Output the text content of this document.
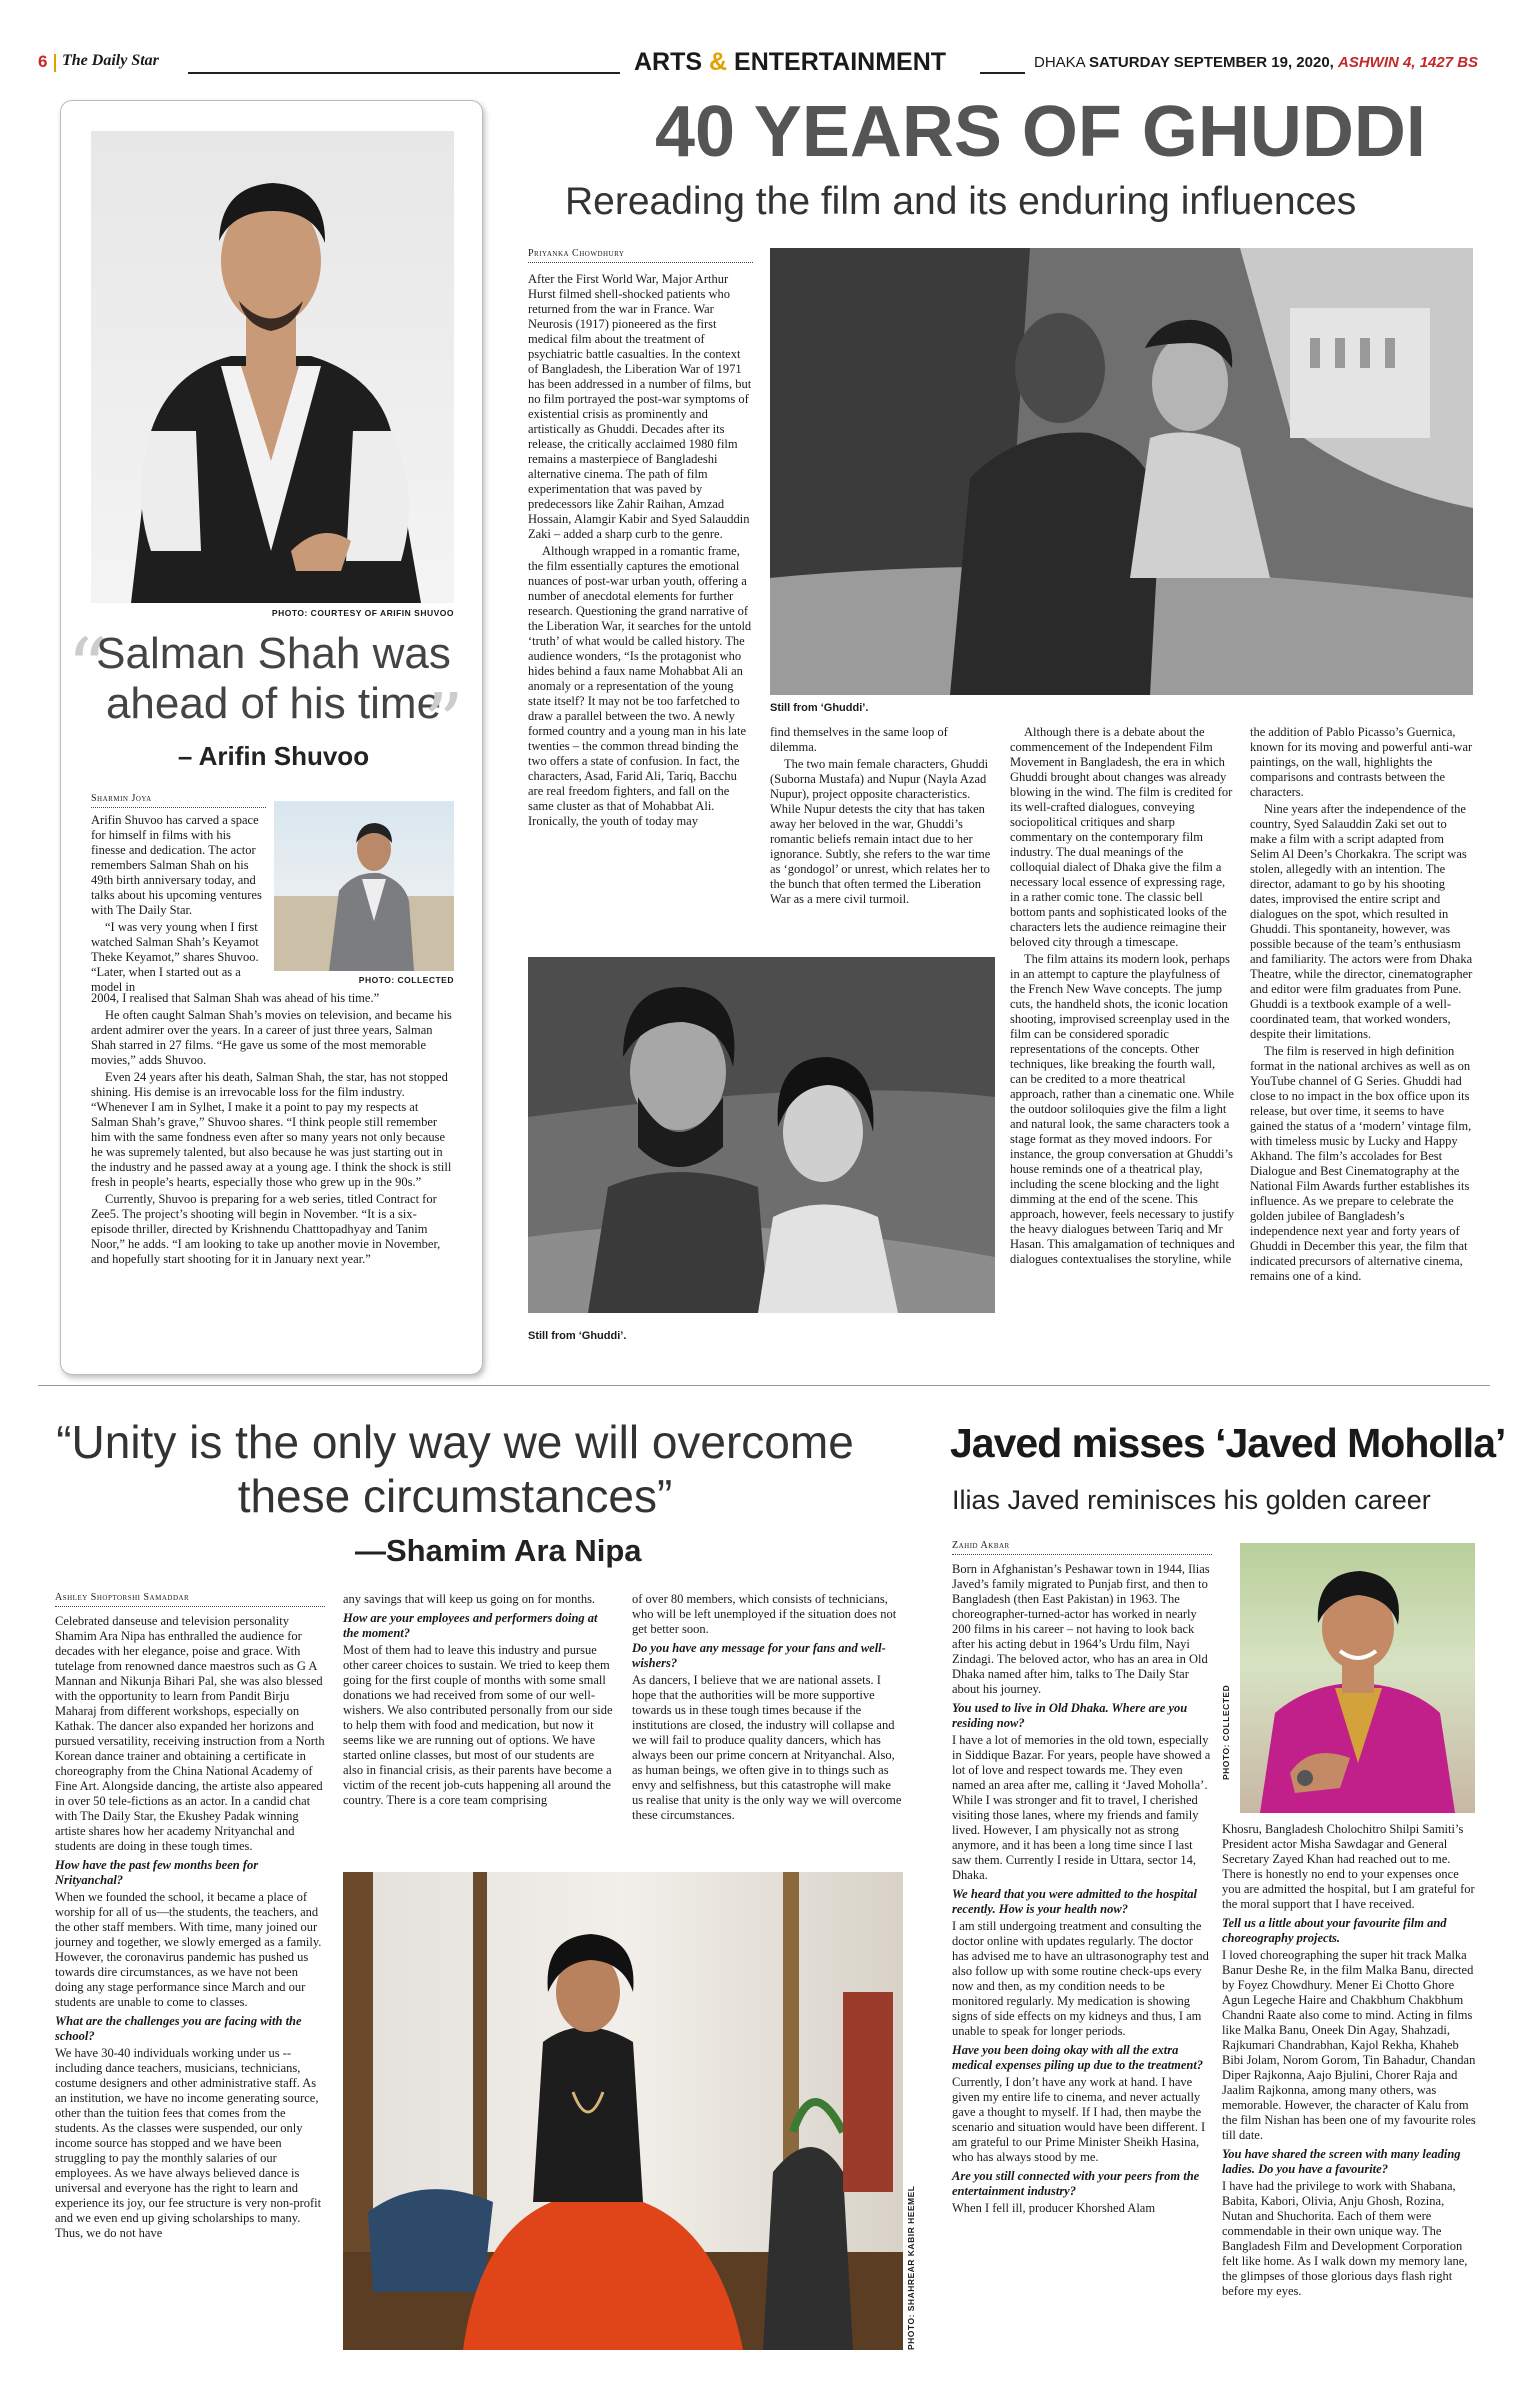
6 The Daily Star	ARTS & ENTERTAINMENT	DHAKA SATURDAY SEPTEMBER 19, 2020, ASHWIN 4, 1427 BS
PHOTO: COURTESY OF ARIFIN SHUVOO
“
Salman Shah was
ahead of his time
”
– Arifin Shuvoo
Sharmin Joya

Arifin Shuvoo has carved a space for himself in films with his finesse and dedication. The actor remembers Salman Shah on his 49th birth anniversary today, and talks about his upcoming ventures with The Daily Star.

“I was very young when I first watched Salman Shah’s Keyamot Theke Keyamot,” shares Shuvoo. “Later, when I started out as a model in	PHOTO: COLLECTED

2004, I realised that Salman Shah was ahead of his time.”

He often caught Salman Shah’s movies on television, and became his ardent admirer over the years. In a career of just three years, Salman Shah starred in 27 films. “He gave us some of the most memorable movies,” adds Shuvoo.

Even 24 years after his death, Salman Shah, the star, has not stopped shining. His demise is an irrevocable loss for the film industry. “Whenever I am in Sylhet, I make it a point to pay my respects at Salman Shah’s grave,” Shuvoo shares. “I think people still remember him with the same fondness even after so many years not only because he was supremely talented, but also because he was just starting out in the industry and he passed away at a young age. I think the shock is still fresh in people’s hearts, especially those who grew up in the 90s.”

Currently, Shuvoo is preparing for a web series, titled Contract for Zee5. The project’s shooting will begin in November. “It is a six-episode thriller, directed by Krishnendu Chatttopadhyay and Tanim Noor,” he adds. “I am looking to take up another movie in November, and hopefully start shooting for it in January next year.”

40 YEARS OF GHUDDI
Rereading the film and its enduring influences
Priyanka Chowdhury

After the First World War, Major Arthur Hurst filmed shell-shocked patients who returned from the war in France. War Neurosis (1917) pioneered as the first medical film about the treatment of psychiatric battle casualties. In the context of Bangladesh, the Liberation War of 1971 has been addressed in a number of films, but no film portrayed the post-war symptoms of existential crisis as prominently and artistically as Ghuddi. Decades after its release, the critically acclaimed 1980 film remains a masterpiece of Bangladeshi alternative cinema. The path of film experimentation that was paved by predecessors like Zahir Raihan, Amzad Hossain, Alamgir Kabir and Syed Salauddin Zaki – added a sharp curb to the genre.

Although wrapped in a romantic frame, the film essentially captures the emotional nuances of post-war urban youth, offering a number of anecdotal elements for further research. Questioning the grand narrative of the Liberation War, it searches for the untold ‘truth’ of what would be called history. The audience wonders, “Is the protagonist who hides behind a faux name Mohabbat Ali an anomaly or a representation of the young state itself? It may not be too farfetched to draw a parallel between the two. A newly formed country and a young man in his late twenties – the common thread binding the two offers a state of confusion. In fact, the characters, Asad, Farid Ali, Tariq, Bacchu are real freedom fighters, and fall on the same cluster as that of Mohabbat Ali. Ironically, the youth of today may

Still from ‘Ghuddi’.

find themselves in the same loop of dilemma.

The two main female characters, Ghuddi (Suborna Mustafa) and Nupur (Nayla Azad Nupur), project opposite characteristics. While Nupur detests the city that has taken away her beloved in the war, Ghuddi’s romantic beliefs remain intact due to her ignorance. Subtly, she refers to the war time as ‘gondogol’ or unrest, which relates her to the bunch that often termed the Liberation War as a mere civil turmoil.

Although there is a debate about the commencement of the Independent Film Movement in Bangladesh, the era in which Ghuddi brought about changes was already blowing in the wind. The film is credited for its well-crafted dialogues, conveying sociopolitical critiques and sharp commentary on the contemporary film industry. The dual meanings of the colloquial dialect of Dhaka give the film a necessary local essence of expressing rage, in a rather comic tone. The classic bell bottom pants and sophisticated looks of the characters lets the audience reimagine their beloved city through a timescape.

The film attains its modern look, perhaps in an attempt to capture the playfulness of the French New Wave concepts. The jump cuts, the handheld shots, the iconic location shooting, improvised screenplay used in the film can be considered sporadic representations of the concepts. Other techniques, like breaking the fourth wall, can be credited to a more theatrical approach, rather than a cinematic one. While the outdoor soliloquies give the film a light and natural look, the same characters took a stage format as they moved indoors. For instance, the group conversation at Ghuddi’s house reminds one of a theatrical play, including the scene blocking and the light dimming at the end of the scene. This approach, however, feels necessary to justify the heavy dialogues between Tariq and Mr Hasan. This amalgamation of techniques and dialogues contextualises the storyline, while

the addition of Pablo Picasso’s Guernica, known for its moving and powerful anti-war paintings, on the wall, highlights the comparisons and contrasts between the characters.

Nine years after the independence of the country, Syed Salauddin Zaki set out to make a film with a script adapted from Selim Al Deen’s Chorkakra. The script was stolen, allegedly with an intention. The director, adamant to go by his shooting dates, improvised the entire script and dialogues on the spot, which resulted in Ghuddi. This spontaneity, however, was possible because of the team’s enthusiasm and familiarity. The actors were from Dhaka Theatre, while the director, cinematographer and editor were film graduates from Pune. Ghuddi is a textbook example of a well-coordinated team, that worked wonders, despite their limitations.

The film is reserved in high definition format in the national archives as well as on YouTube channel of G Series. Ghuddi had close to no impact in the box office upon its release, but over time, it seems to have gained the status of a ‘modern’ vintage film, with timeless music by Lucky and Happy Akhand. The film’s accolades for Best Dialogue and Best Cinematography at the National Film Awards further establishes its influence. As we prepare to celebrate the golden jubilee of Bangladesh’s independence next year and forty years of Ghuddi in December this year, the film that indicated precursors of alternative cinema, remains one of a kind.

Still from ‘Ghuddi’.
“Unity is the only way we will overcome
these circumstances”
—Shamim Ara Nipa
Ashley Shoptorshi Samaddar

Celebrated danseuse and television personality Shamim Ara Nipa has enthralled the audience for decades with her elegance, poise and grace. With tutelage from renowned dance maestros such as G A Mannan and Nikunja Bihari Pal, she was also blessed with the opportunity to learn from Pandit Birju Maharaj from different workshops, especially on Kathak. The dancer also expanded her horizons and pursued versatility, receiving instruction from a North Korean dance trainer and obtaining a certificate in choreography from the China National Academy of Fine Art. Alongside dancing, the artiste also appeared in over 50 tele-fictions as an actor. In a candid chat with The Daily Star, the Ekushey Padak winning artiste shares how her academy Nrityanchal and students are doing in these tough times.

How have the past few months been for Nrityanchal?

When we founded the school, it became a place of worship for all of us—the students, the teachers, and the other staff members. With time, many joined our journey and together, we slowly emerged as a family. However, the coronavirus pandemic has pushed us towards dire circumstances, as we have not been doing any stage performance since March and our students are unable to come to classes.

What are the challenges you are facing with the school?

We have 30-40 individuals working under us -- including dance teachers, musicians, technicians, costume designers and other administrative staff. As an institution, we have no income generating source, other than the tuition fees that comes from the students. As the classes were suspended, our only income source has stopped and we have been struggling to pay the monthly salaries of our employees. As we have always believed dance is universal and everyone has the right to learn and experience its joy, our fee structure is very non-profit and we even end up giving scholarships to many. Thus, we do not have

any savings that will keep us going on for months.

How are your employees and performers doing at the moment?

Most of them had to leave this industry and pursue other career choices to sustain. We tried to keep them going for the first couple of months with some small donations we had received from some of our well-wishers. We also contributed personally from our side to help them with food and medication, but now it seems like we are running out of options. We have started online classes, but most of our students are also in financial crisis, as their parents have become a victim of the recent job-cuts happening all around the country. There is a core team comprising

of over 80 members, which consists of technicians, who will be left unemployed if the situation does not get better soon.

Do you have any message for your fans and well-wishers?

As dancers, I believe that we are national assets. I hope that the authorities will be more supportive towards us in these tough times because if the institutions are closed, the industry will collapse and we will fail to produce quality dancers, which has always been our prime concern at Nrityanchal. Also, as human beings, we often give in to things such as envy and selfishness, but this catastrophe will make us realise that unity is the only way we will overcome these circumstances.

PHOTO: SHAHREAR KABIR HEEMEL
Javed misses ‘Javed Moholla’
Ilias Javed reminisces his golden career
Zahid Akbar

Born in Afghanistan’s Peshawar town in 1944, Ilias Javed’s family migrated to Punjab first, and then to Bangladesh (then East Pakistan) in 1963. The choreographer-turned-actor has worked in nearly 200 films in his career – not having to look back after his acting debut in 1964’s Urdu film, Nayi Zindagi. The beloved actor, who has an area in Old Dhaka named after him, talks to The Daily Star about his journey.

You used to live in Old Dhaka. Where are you residing now?

I have a lot of memories in the old town, especially in Siddique Bazar. For years, people have showed a lot of love and respect towards me. They even named an area after me, calling it ‘Javed Moholla’. While I was stronger and fit to travel, I cherished visiting those lanes, where my friends and family lived. However, I am physically not as strong anymore, and it has been a long time since I last saw them. Currently I reside in Uttara, sector 14, Dhaka.

We heard that you were admitted to the hospital recently. How is your health now?

I am still undergoing treatment and consulting the doctor online with updates regularly. The doctor has advised me to have an ultrasonography test and also follow up with some routine check-ups every now and then, as my condition needs to be monitored regularly. My medication is showing signs of side effects on my kidneys and thus, I am unable to speak for longer periods.

Have you been doing okay with all the extra medical expenses piling up due to the treatment?

Currently, I don’t have any work at hand. I have given my entire life to cinema, and never actually gave a thought to myself. If I had, then maybe the scenario and situation would have been different. I am grateful to our Prime Minister Sheikh Hasina, who has always stood by me.

Are you still connected with your peers from the entertainment industry?

When I fell ill, producer Khorshed Alam

PHOTO: COLLECTED

Khosru, Bangladesh Cholochitro Shilpi Samiti’s President actor Misha Sawdagar and General Secretary Zayed Khan had reached out to me. There is honestly no end to your expenses once you are admitted the hospital, but I am grateful for the moral support that I have received.

Tell us a little about your favourite film and choreography projects.

I loved choreographing the super hit track Malka Banur Deshe Re, in the film Malka Banu, directed by Foyez Chowdhury. Mener Ei Chotto Ghore Agun Legeche Haire and Chakbhum Chakbhum Chandni Raate also come to mind. Acting in films like Malka Banu, Oneek Din Agay, Shahzadi, Rajkumari Chandrabhan, Kajol Rekha, Khaheb Bibi Jolam, Norom Gorom, Tin Bahadur, Chandan Diper Rajkonna, Aajo Bjulini, Chorer Raja and Jaalim Rajkonna, among many others, was memorable. However, the character of Kalu from the film Nishan has been one of my favourite roles till date.

You have shared the screen with many leading ladies. Do you have a favourite?

I have had the privilege to work with Shabana, Babita, Kabori, Olivia, Anju Ghosh, Rozina, Nutan and Shuchorita. Each of them were commendable in their own unique way. The Bangladesh Film and Development Corporation felt like home. As I walk down my memory lane, the glimpses of those glorious days flash right before my eyes.
